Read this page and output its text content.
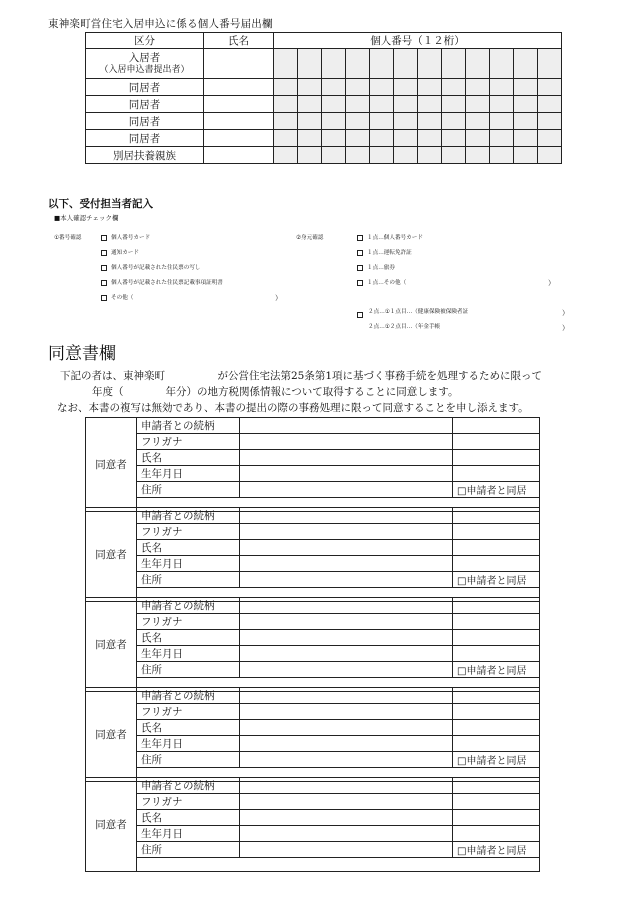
東神楽町営住宅入居申込に係る個人番号届出欄
区分	氏名	個人番号（１２桁）											
入居者
（入居申込書提出者）													

同居者													
同居者													
同居者													
同居者													
別居扶養親族													
以下、受付担当者記入
■本人確認チェック欄
①番号確認	②身元確認
個人番号カード
通知カード
個人番号が記載された住民票の写し
個人番号が記載された住民票記載事項証明書
その他（
１点…個人番号カード
１点…運転免許証
１点…旅券
１点…その他（
）
）
）
）
２点…①１点目…（健康保険被保険者証
２点…①２点目…（年金手帳
同意書欄
下記の者は、東神楽町　　　　　が公営住宅法第25条第1項に基づく事務手続を処理するために限って
年度（　　　　年分）の地方税関係情報について取得することに同意します。
なお、本書の複写は無効であり、本書の提出の際の事務処理に限って同意することを申し添えます。
同意者	申請者との続柄		
	フリガナ		
	氏名		
	生年月日		
	住所		□申請者と同居

同意者	申請者との続柄		
	フリガナ		
	氏名		
	生年月日		
	住所		□申請者と同居

同意者	申請者との続柄		
	フリガナ		
	氏名		
	生年月日		
	住所		□申請者と同居

同意者	申請者との続柄		
	フリガナ		
	氏名		
	生年月日		
	住所		□申請者と同居

同意者	申請者との続柄		
	フリガナ		
	氏名		
	生年月日		
	住所		□申請者と同居
